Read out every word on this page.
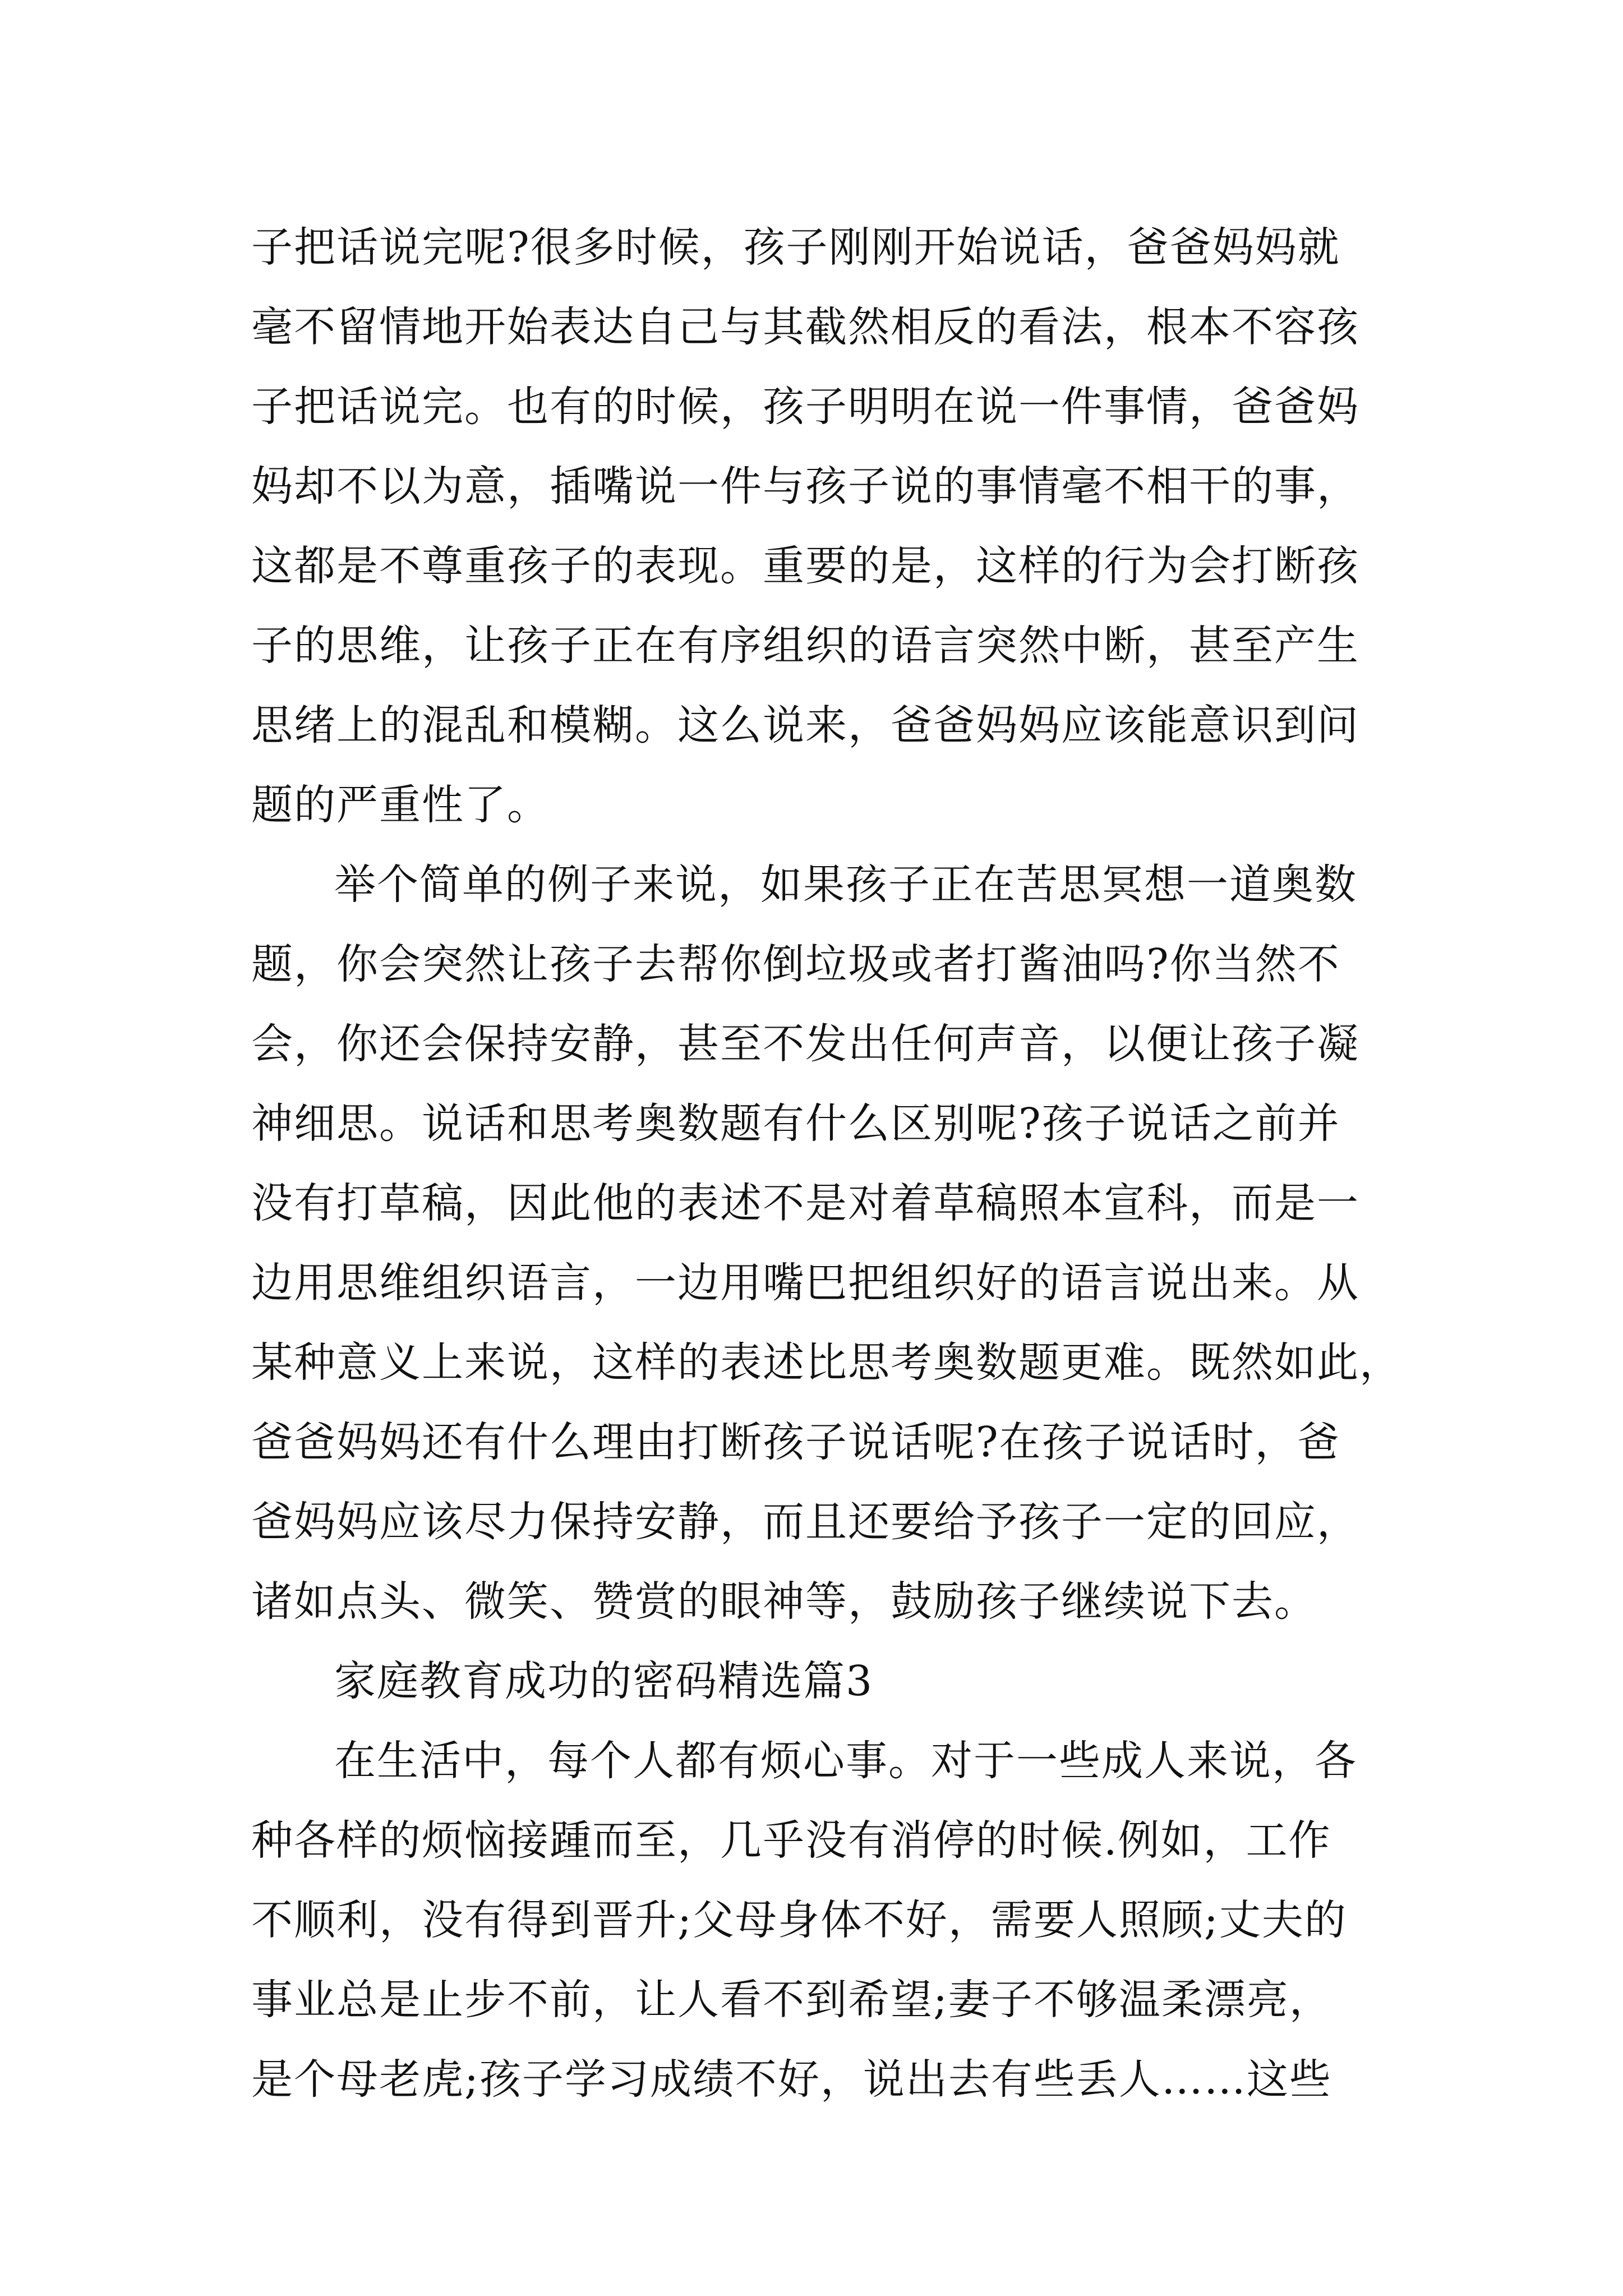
子把话说完呢?很多时候，孩子刚刚开始说话，爸爸妈妈就
毫不留情地开始表达自己与其截然相反的看法，根本不容孩
子把话说完。也有的时候，孩子明明在说一件事情，爸爸妈
妈却不以为意，插嘴说一件与孩子说的事情毫不相干的事，
这都是不尊重孩子的表现。重要的是，这样的行为会打断孩
子的思维，让孩子正在有序组织的语言突然中断，甚至产生
思绪上的混乱和模糊。这么说来，爸爸妈妈应该能意识到问
题的严重性了。
举个简单的例子来说，如果孩子正在苦思冥想一道奥数
题，你会突然让孩子去帮你倒垃圾或者打酱油吗?你当然不
会，你还会保持安静，甚至不发出任何声音，以便让孩子凝
神细思。说话和思考奥数题有什么区别呢?孩子说话之前并
没有打草稿，因此他的表述不是对着草稿照本宣科，而是一
边用思维组织语言，一边用嘴巴把组织好的语言说出来。从
某种意义上来说，这样的表述比思考奥数题更难。既然如此，
爸爸妈妈还有什么理由打断孩子说话呢?在孩子说话时，爸
爸妈妈应该尽力保持安静，而且还要给予孩子一定的回应，
诸如点头、微笑、赞赏的眼神等，鼓励孩子继续说下去。
家庭教育成功的密码精选篇3
在生活中，每个人都有烦心事。对于一些成人来说，各
种各样的烦恼接踵而至，几乎没有消停的时候.例如，工作
不顺利，没有得到晋升;父母身体不好，需要人照顾;丈夫的
事业总是止步不前，让人看不到希望;妻子不够温柔漂亮，
是个母老虎;孩子学习成绩不好，说出去有些丢人……这些
